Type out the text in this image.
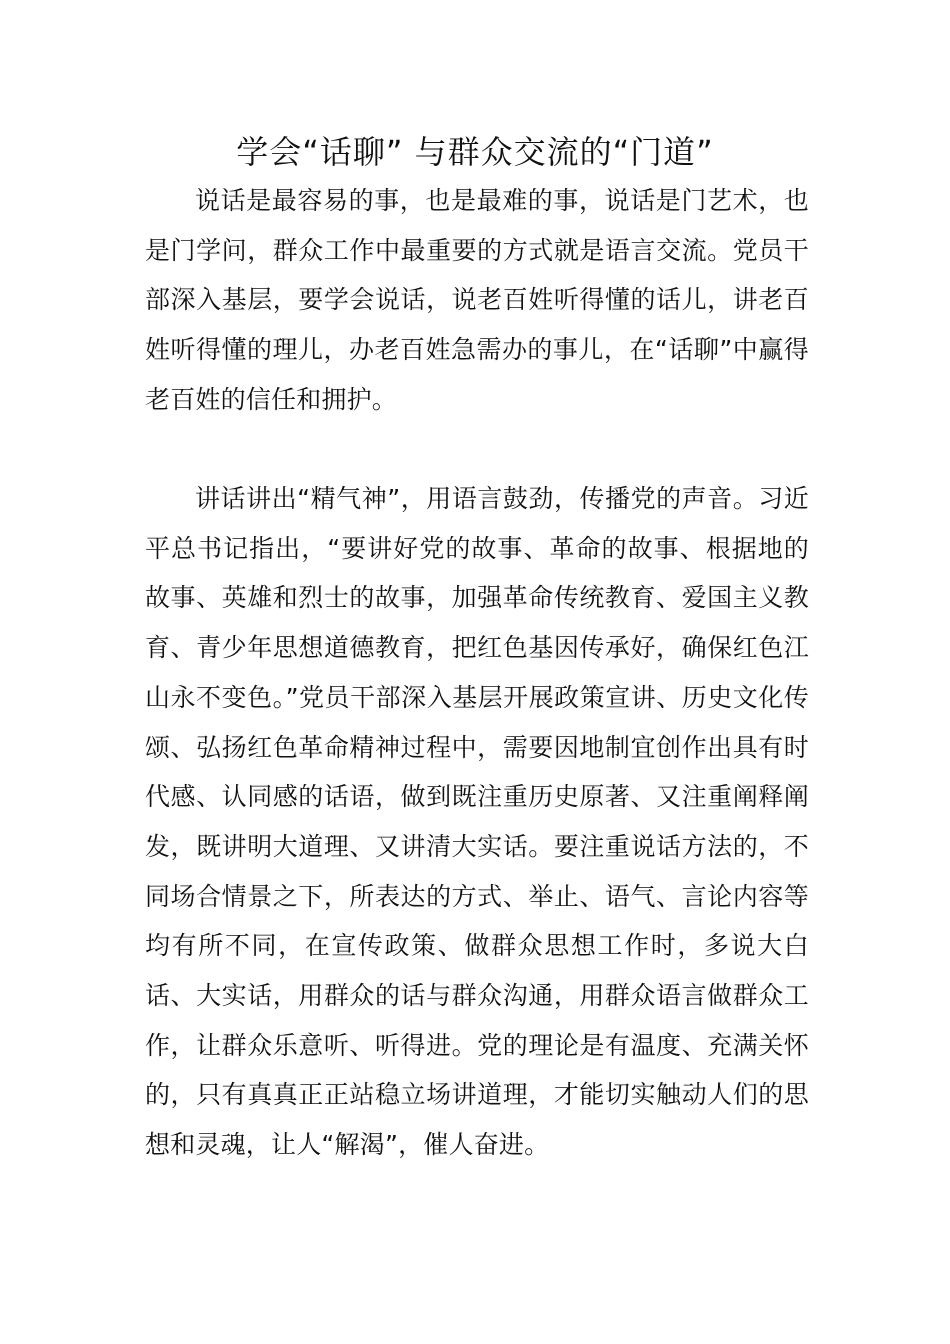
学会“话聊” 与群众交流的“门道”

说话是最容易的事，也是最难的事，说话是门艺术，也是门学问，群众工作中最重要的方式就是语言交流。党员干部深入基层，要学会说话，说老百姓听得懂的话儿，讲老百姓听得懂的理儿，办老百姓急需办的事儿，在“话聊”中赢得老百姓的信任和拥护。

讲话讲出“精气神”，用语言鼓劲，传播党的声音。习近平总书记指出，“要讲好党的故事、革命的故事、根据地的故事、英雄和烈士的故事，加强革命传统教育、爱国主义教育、青少年思想道德教育，把红色基因传承好，确保红色江山永不变色。”党员干部深入基层开展政策宣讲、历史文化传颂、弘扬红色革命精神过程中，需要因地制宜创作出具有时代感、认同感的话语，做到既注重历史原著、又注重阐释阐发，既讲明大道理、又讲清大实话。要注重说话方法的，不同场合情景之下，所表达的方式、举止、语气、言论内容等均有所不同，在宣传政策、做群众思想工作时，多说大白话、大实话，用群众的话与群众沟通，用群众语言做群众工作，让群众乐意听、听得进。党的理论是有温度、充满关怀的，只有真真正正站稳立场讲道理，才能切实触动人们的思想和灵魂，让人“解渴”，催人奋进。
